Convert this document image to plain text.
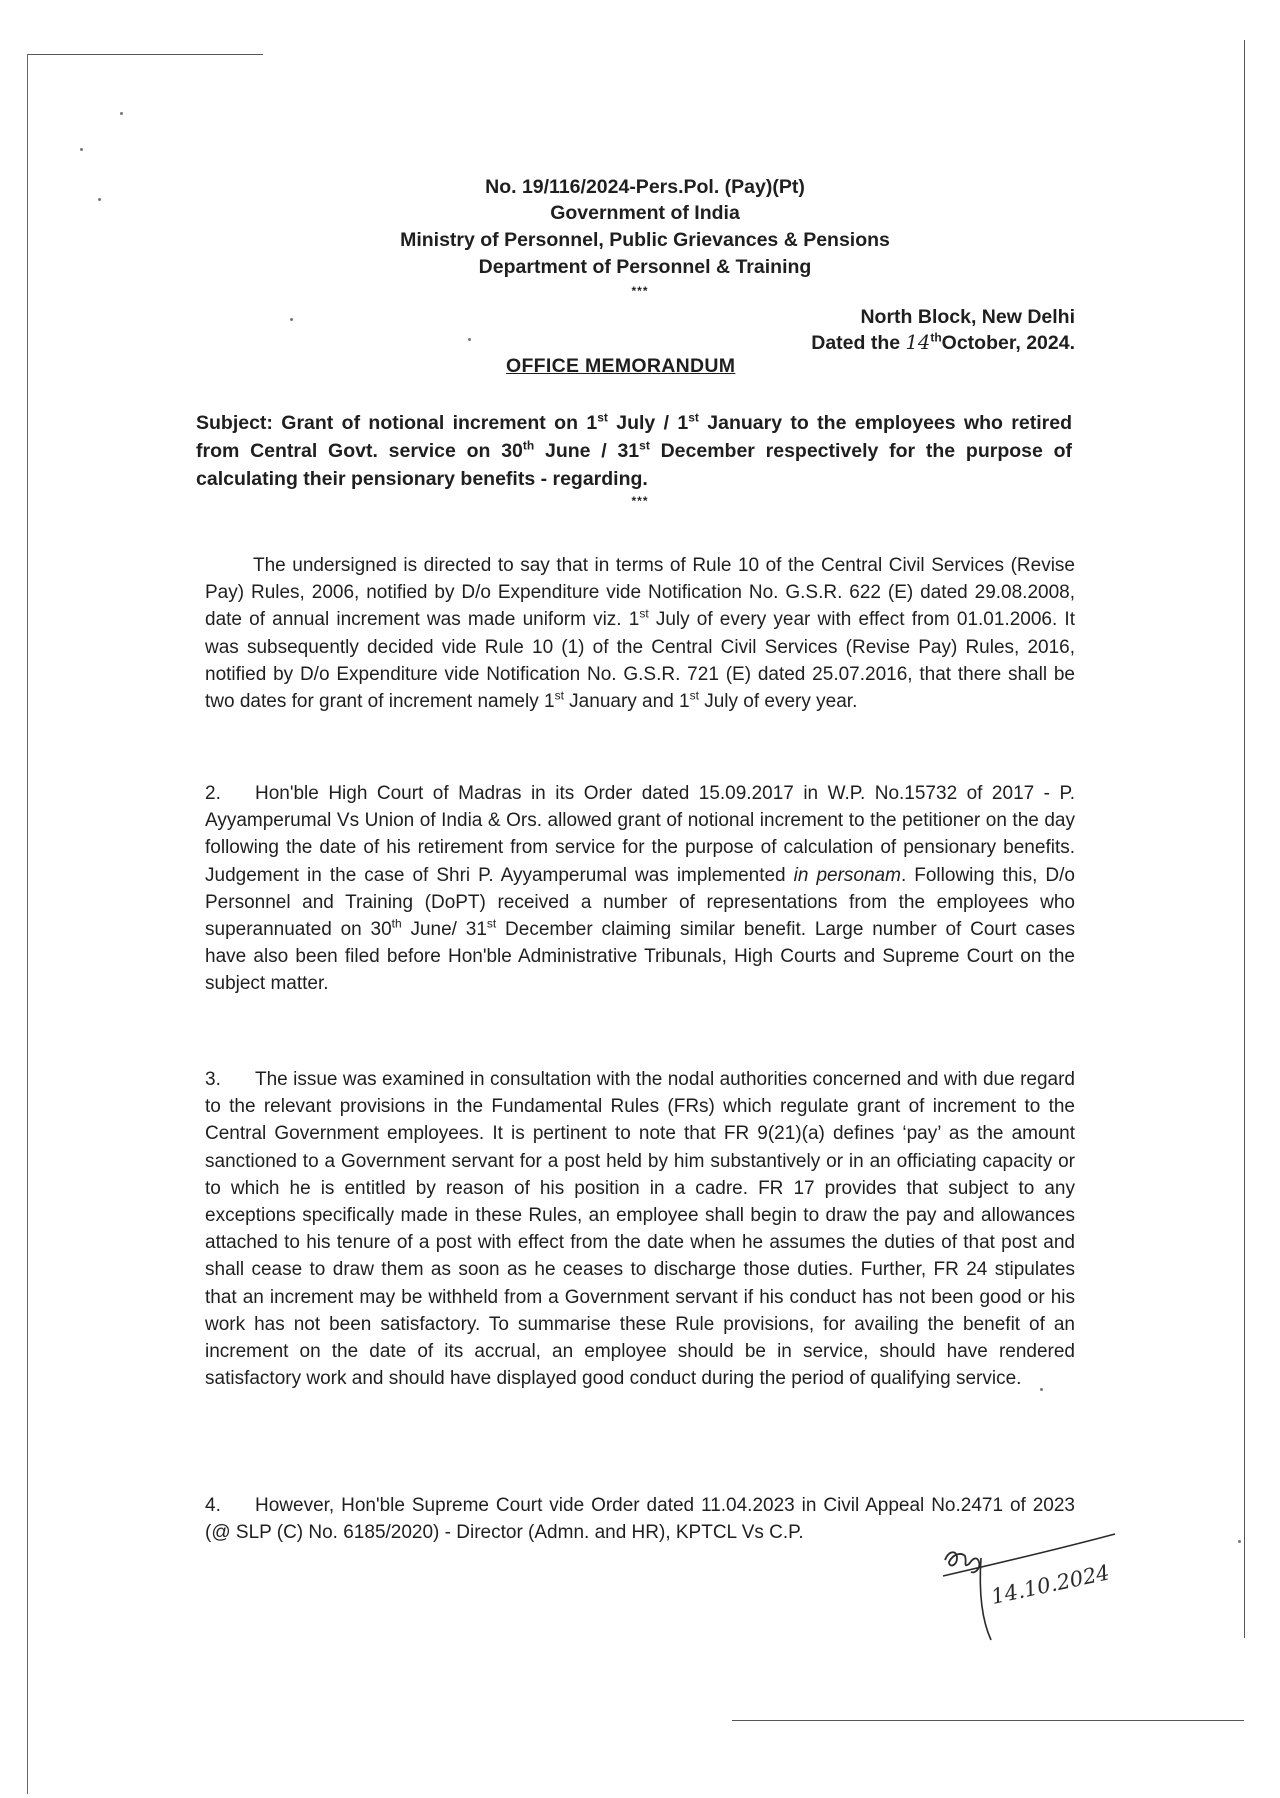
No. 19/116/2024-Pers.Pol. (Pay)(Pt)
Government of India
Ministry of Personnel, Public Grievances & Pensions
Department of Personnel & Training
***
North Block, New Delhi
Dated the 14thOctober, 2024.
OFFICE MEMORANDUM
Subject: Grant of notional increment on 1st July / 1st January to the employees who retired from Central Govt. service on 30th June / 31st December respectively for the purpose of calculating their pensionary benefits - regarding.
***
The undersigned is directed to say that in terms of Rule 10 of the Central Civil Services (Revise Pay) Rules, 2006, notified by D/o Expenditure vide Notification No. G.S.R. 622 (E) dated 29.08.2008, date of annual increment was made uniform viz. 1st July of every year with effect from 01.01.2006. It was subsequently decided vide Rule 10 (1) of the Central Civil Services (Revise Pay) Rules, 2016, notified by D/o Expenditure vide Notification No. G.S.R. 721 (E) dated 25.07.2016, that there shall be two dates for grant of increment namely 1st January and 1st July of every year.
2. Hon'ble High Court of Madras in its Order dated 15.09.2017 in W.P. No.15732 of 2017 - P. Ayyamperumal Vs Union of India & Ors. allowed grant of notional increment to the petitioner on the day following the date of his retirement from service for the purpose of calculation of pensionary benefits. Judgement in the case of Shri P. Ayyamperumal was implemented in personam. Following this, D/o Personnel and Training (DoPT) received a number of representations from the employees who superannuated on 30th June/ 31st December claiming similar benefit. Large number of Court cases have also been filed before Hon'ble Administrative Tribunals, High Courts and Supreme Court on the subject matter.
3. The issue was examined in consultation with the nodal authorities concerned and with due regard to the relevant provisions in the Fundamental Rules (FRs) which regulate grant of increment to the Central Government employees. It is pertinent to note that FR 9(21)(a) defines ‘pay’ as the amount sanctioned to a Government servant for a post held by him substantively or in an officiating capacity or to which he is entitled by reason of his position in a cadre. FR 17 provides that subject to any exceptions specifically made in these Rules, an employee shall begin to draw the pay and allowances attached to his tenure of a post with effect from the date when he assumes the duties of that post and shall cease to draw them as soon as he ceases to discharge those duties. Further, FR 24 stipulates that an increment may be withheld from a Government servant if his conduct has not been good or his work has not been satisfactory. To summarise these Rule provisions, for availing the benefit of an increment on the date of its accrual, an employee should be in service, should have rendered satisfactory work and should have displayed good conduct during the period of qualifying service.
4. However, Hon'ble Supreme Court vide Order dated 11.04.2023 in Civil Appeal No.2471 of 2023 (@ SLP (C) No. 6185/2020) - Director (Admn. and HR), KPTCL Vs C.P.
14.10.2024
